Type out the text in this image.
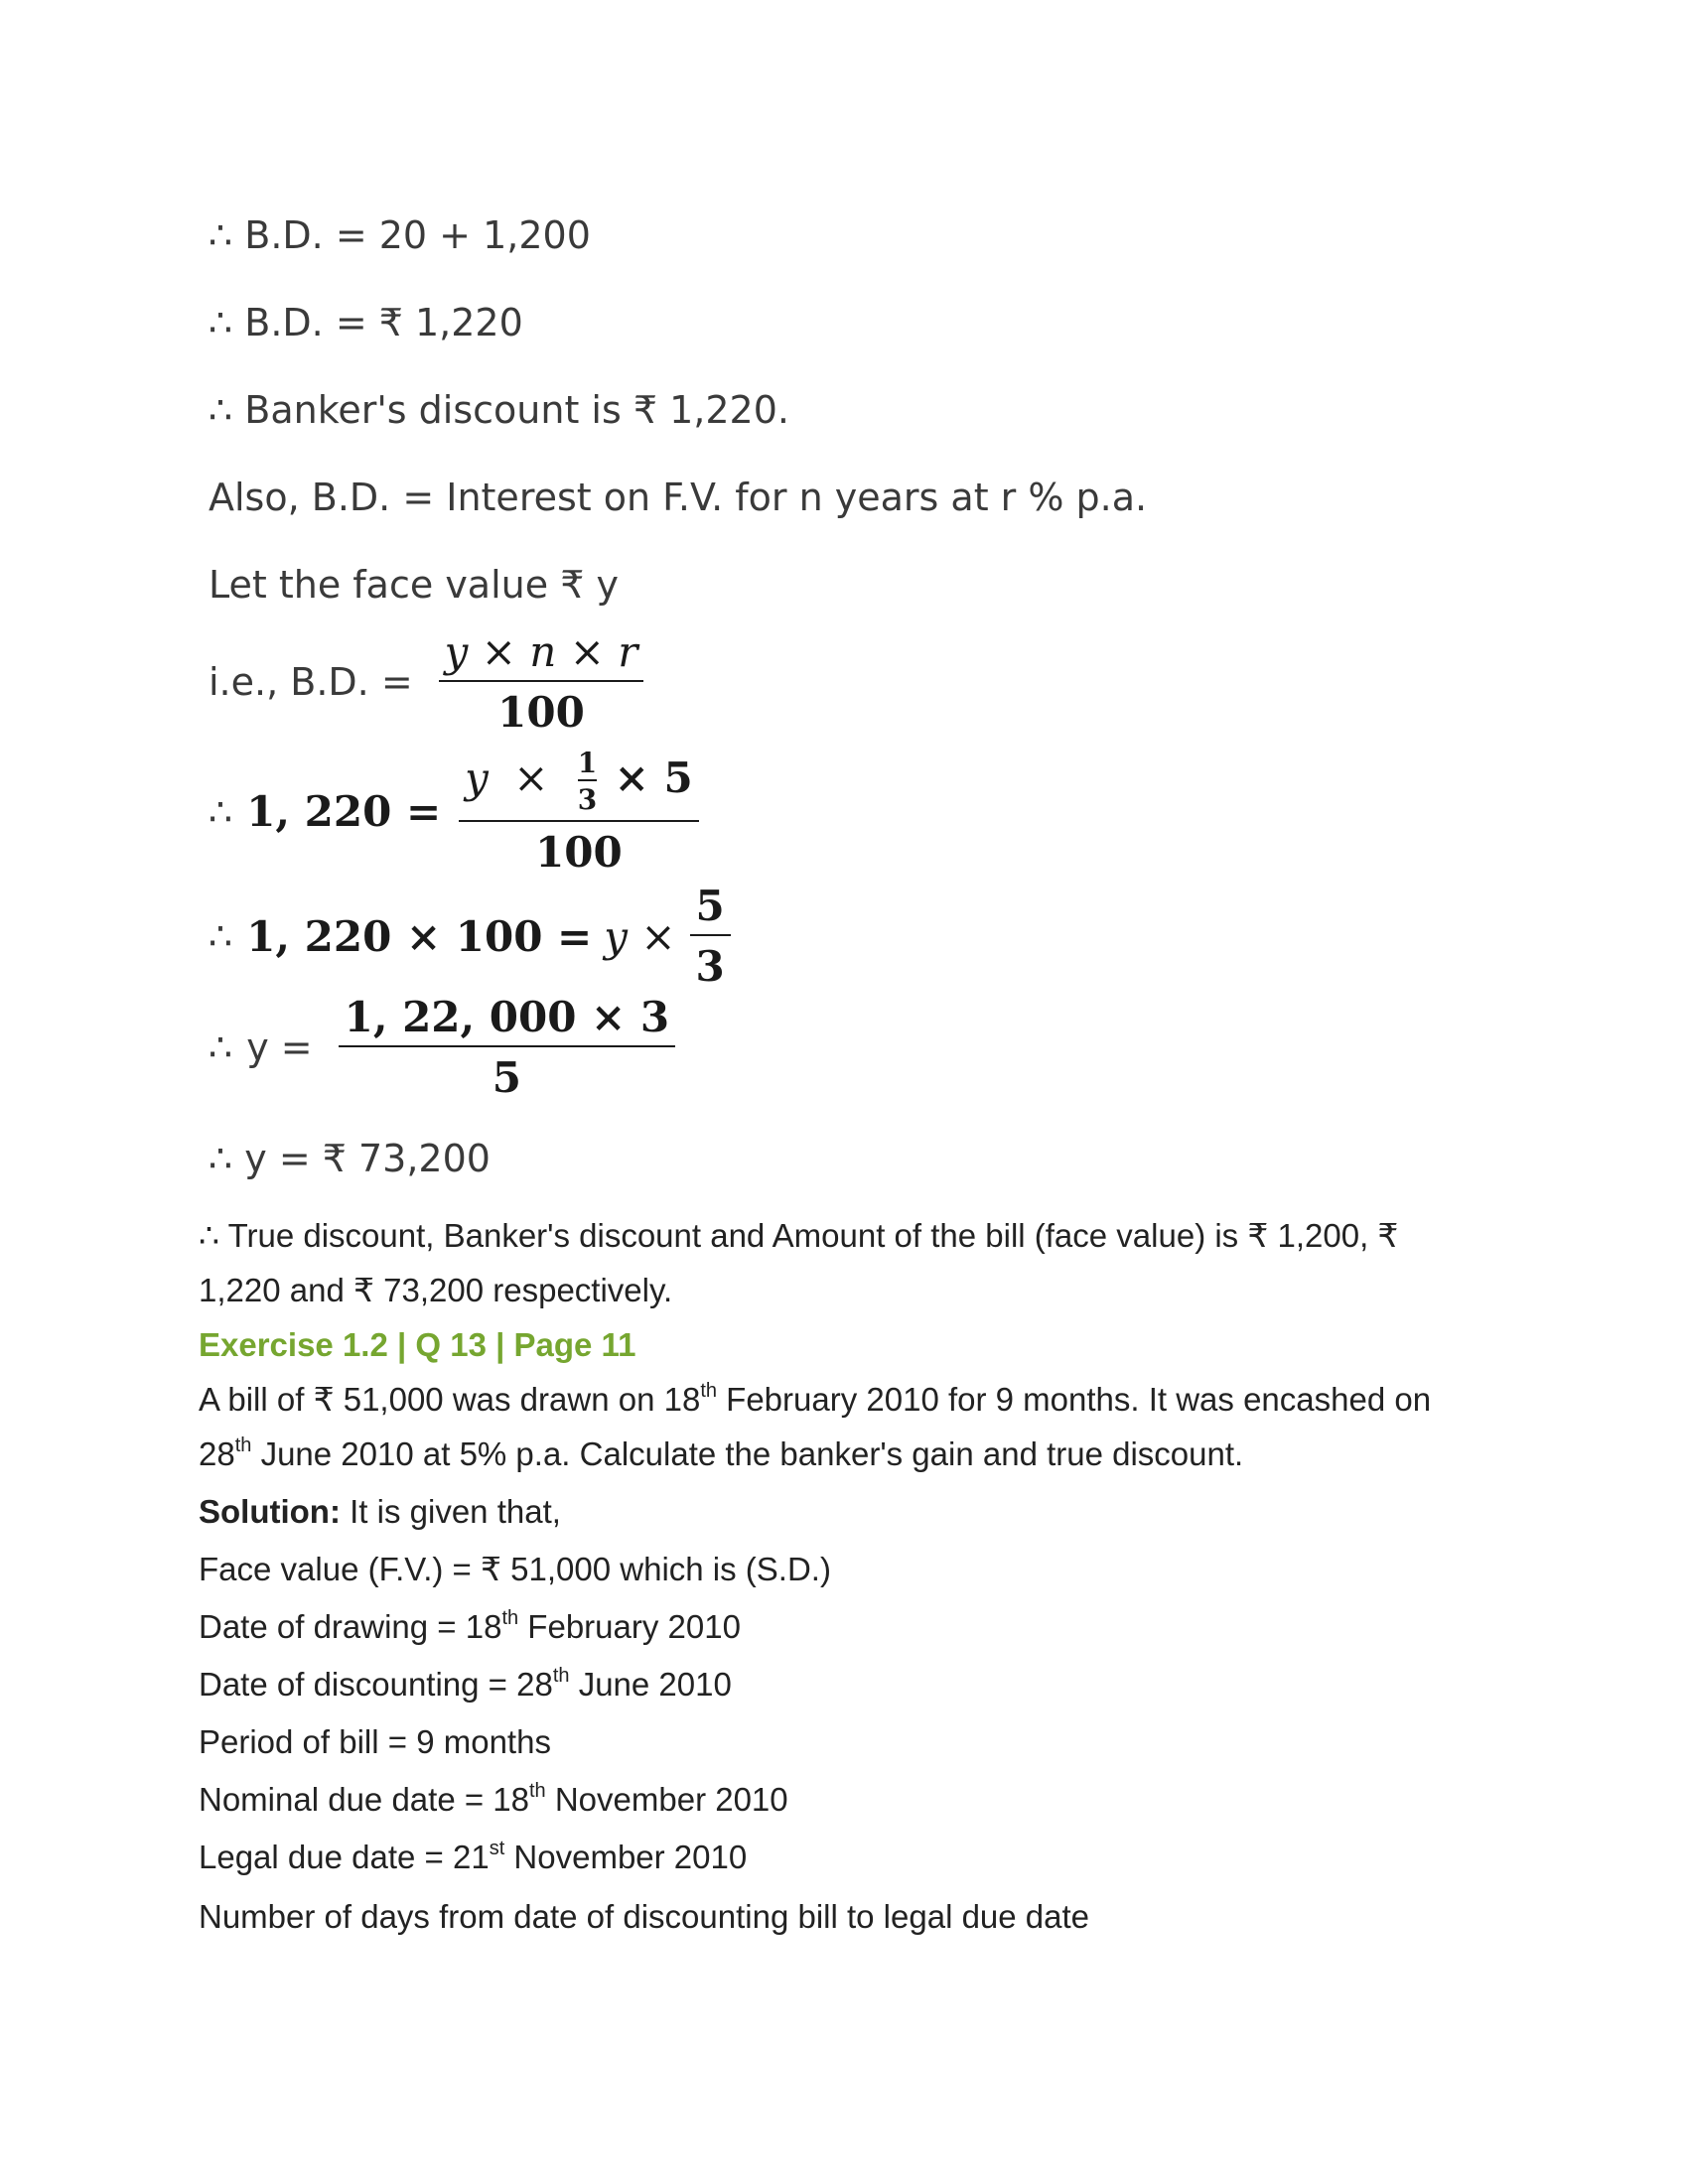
∴ B.D. = 20 + 1,200
∴ B.D. = ₹ 1,220
∴ Banker's discount is ₹ 1,220.
Also, B.D. = Interest on F.V. for n years at r % p.a.
Let the face value ₹ y
i.e., B.D. = $\frac{y \times n \times r}{100}$
∴ 1, 220 =
$y \times \frac{1}{3} \times 5$
100
∴ 1, $220 \times 100 = y \times \frac{5}{3}$
∴ $y = \frac{1, 22, 000 \times 3}{5}$
∴ y = ₹ 73,200
∴ True discount, Banker's discount and Amount of the bill (face value) is ₹ 1,200, ₹
1,220 and ₹ 73,200 respectively.
Exercise 1.2 | Q 13 | Page 11
A bill of ₹ 51,000 was drawn on 18th February 2010 for 9 months. It was encashed on
28th June 2010 at 5% p.a. Calculate the banker's gain and true discount.
Solution: It is given that,
Face value (F.V.) = ₹ 51,000 which is (S.D.)
Date of drawing = 18th February 2010
Date of discounting = 28th June 2010
Period of bill = 9 months
Nominal due date = 18th November 2010
Legal due date = 21st November 2010
Number of days from date of discounting bill to legal due date
